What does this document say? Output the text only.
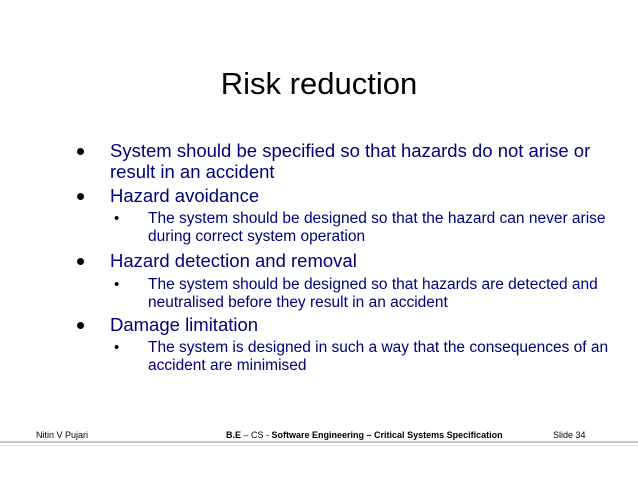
Risk reduction
System should be specified so that hazards do not arise or result in an accident
Hazard avoidance
• The system should be designed so that the hazard can never arise during correct system operation
Hazard detection and removal
• The system should be designed so that hazards are detected and neutralised before they result in an accident
Damage limitation
• The system is designed in such a way that the consequences of an accident are minimised
Nitin V Pujari	B.E – CS - Software Engineering – Critical Systems Specification	Slide 34
